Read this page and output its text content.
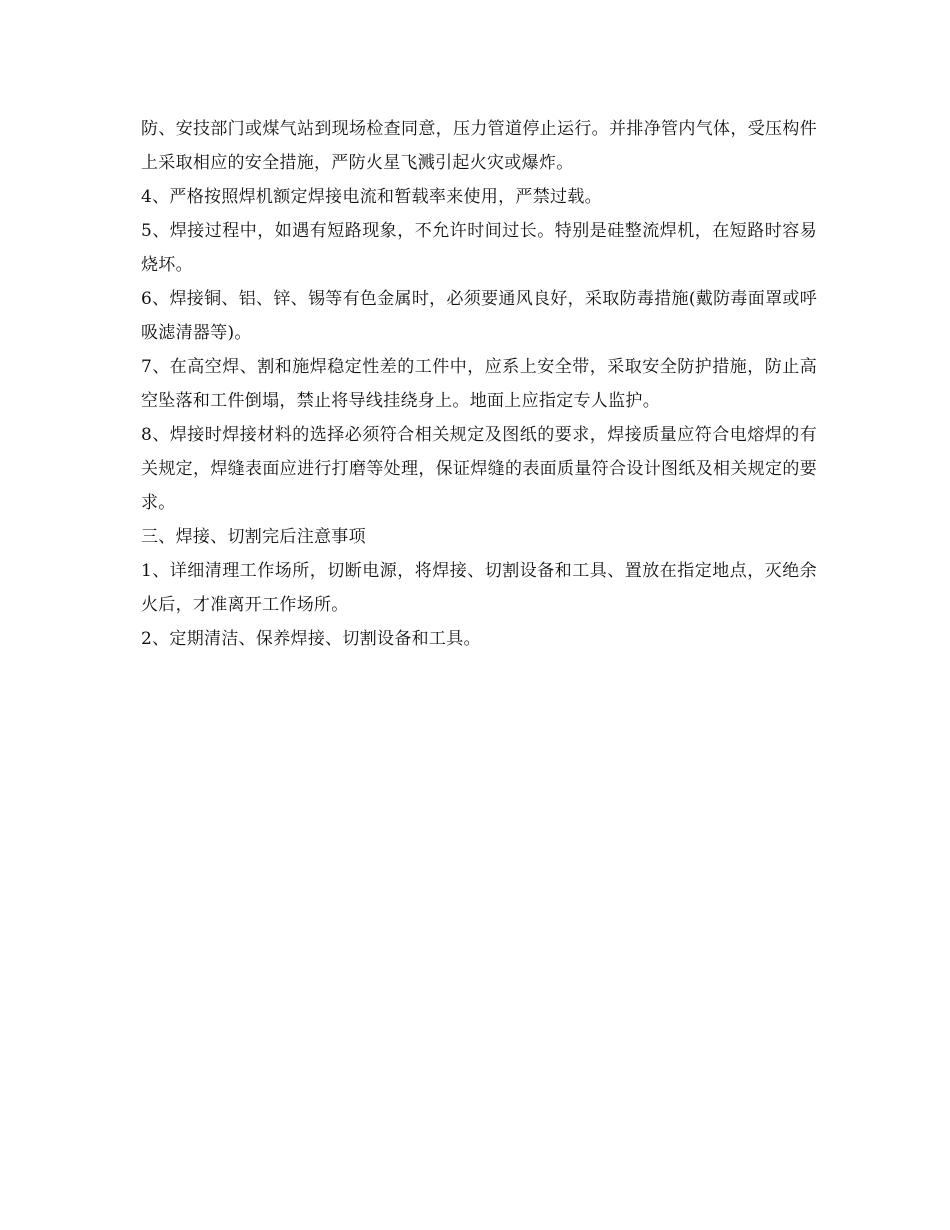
防、安技部门或煤气站到现场检查同意，压力管道停止运行。并排净管内气体，受压构件上采取相应的安全措施，严防火星飞溅引起火灾或爆炸。

4、严格按照焊机额定焊接电流和暂载率来使用，严禁过载。

5、焊接过程中，如遇有短路现象，不允许时间过长。特别是硅整流焊机，在短路时容易烧坏。

6、焊接铜、铝、锌、锡等有色金属时，必须要通风良好，采取防毒措施(戴防毒面罩或呼吸滤清器等)。

7、在高空焊、割和施焊稳定性差的工件中，应系上安全带，采取安全防护措施，防止高空坠落和工件倒塌，禁止将导线挂绕身上。地面上应指定专人监护。

8、焊接时焊接材料的选择必须符合相关规定及图纸的要求，焊接质量应符合电熔焊的有关规定，焊缝表面应进行打磨等处理，保证焊缝的表面质量符合设计图纸及相关规定的要求。

三、焊接、切割完后注意事项

1、详细清理工作场所，切断电源，将焊接、切割设备和工具、置放在指定地点，灭绝余火后，才准离开工作场所。

2、定期清洁、保养焊接、切割设备和工具。
